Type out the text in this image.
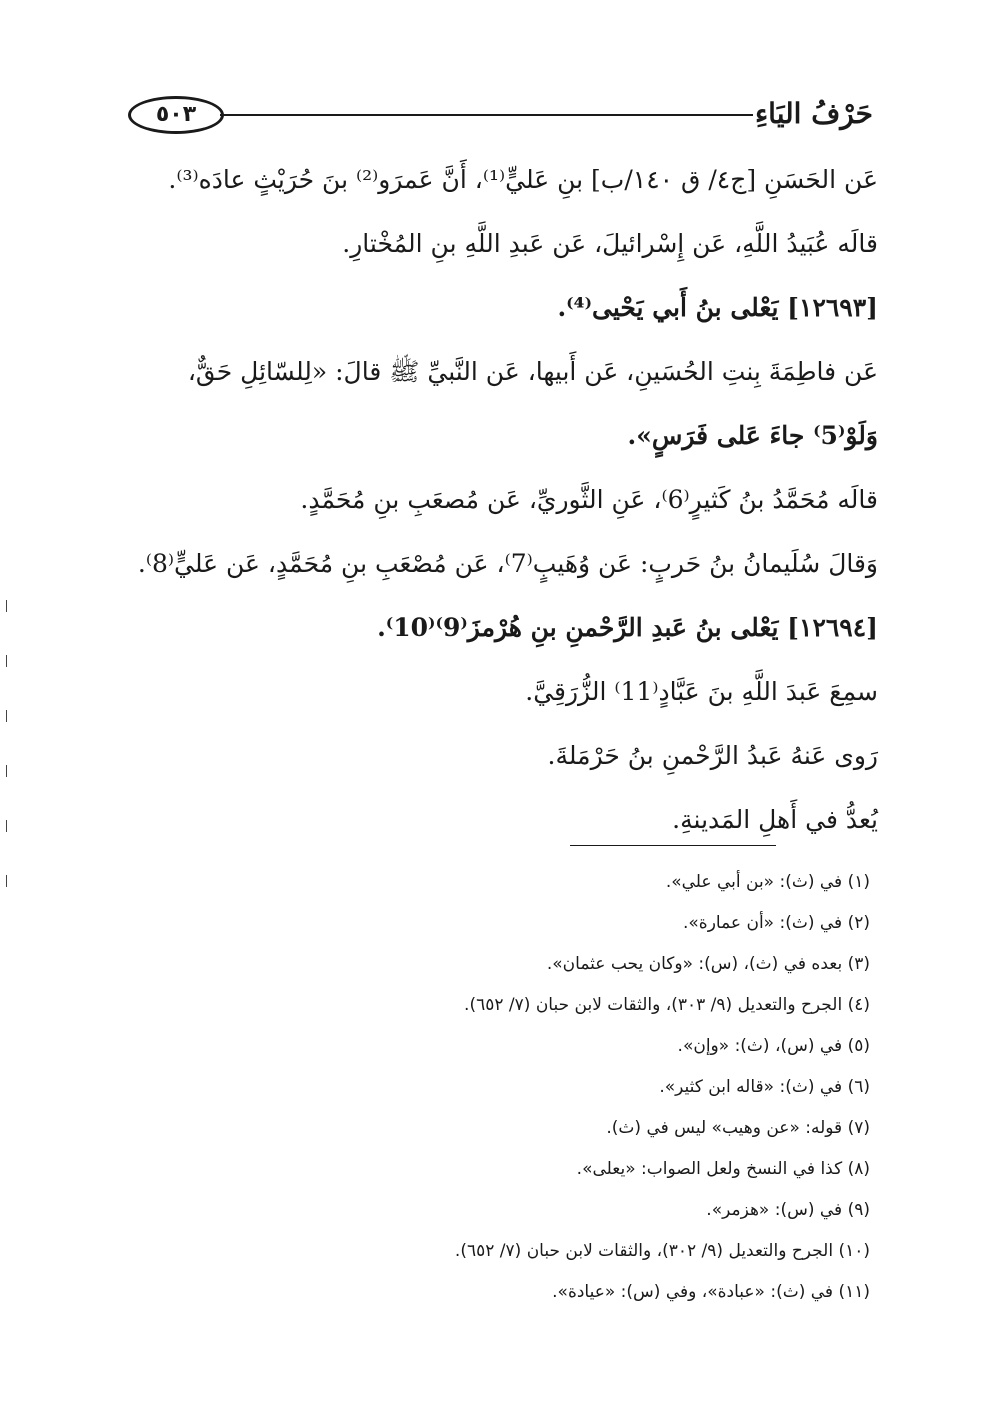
٥٠٣	حَرْفُ اليَاءِ
عَن الحَسَنِ [ج٤/ ق ١٤٠/ب] بنِ عَليٍّ⁽¹⁾، أَنَّ عَمرَو⁽²⁾ بنَ حُرَيْثٍ عادَه⁽³⁾.
قالَه عُبَيدُ اللَّهِ، عَن إِسْرائيلَ، عَن عَبدِ اللَّهِ بنِ المُخْتارِ.
[١٢٦٩٣] يَعْلى بنُ أَبي يَحْيى⁽⁴⁾.
عَن فاطِمَةَ بِنتِ الحُسَينِ، عَن أَبيها، عَن النَّبيِّ ﷺ قالَ: «لِلسّائِلِ حَقٌّ،
وَلَوْ⁽5⁾ جاءَ عَلى فَرَسٍ».
قالَه مُحَمَّدُ بنُ كَثيرٍ⁽6⁾، عَنِ الثَّوريِّ، عَن مُصعَبِ بنِ مُحَمَّدٍ.
وَقالَ سُلَيمانُ بنُ حَربٍ: عَن وُهَيبٍ⁽7⁾، عَن مُصْعَبِ بنِ مُحَمَّدٍ، عَن عَليٍّ⁽8⁾.
[١٢٦٩٤] يَعْلى بنُ عَبدِ الرَّحْمنِ بنِ هُرْمزَ⁽9⁾⁽10⁾.
سمِعَ عَبدَ اللَّهِ بنَ عَبَّادٍ⁽11⁾ الزُّرَقِيَّ.
رَوى عَنهُ عَبدُ الرَّحْمنِ بنُ حَرْمَلةَ.
يُعدُّ في أَهلِ المَدينةِ.
(١) في (ث): «بن أبي علي».
(٢) في (ث): «أن عمارة».
(٣) بعده في (ث)، (س): «وكان يحب عثمان».
(٤) الجرح والتعديل (٩/ ٣٠٣)، والثقات لابن حبان (٧/ ٦٥٢).
(٥) في (س)، (ث): «وإن».
(٦) في (ث): «قاله ابن كثير».
(٧) قوله: «عن وهيب» ليس في (ث).
(٨) كذا في النسخ ولعل الصواب: «يعلى».
(٩) في (س): «هزمر».
(١٠) الجرح والتعديل (٩/ ٣٠٢)، والثقات لابن حبان (٧/ ٦٥٢).
(١١) في (ث): «عبادة»، وفي (س): «عيادة».
